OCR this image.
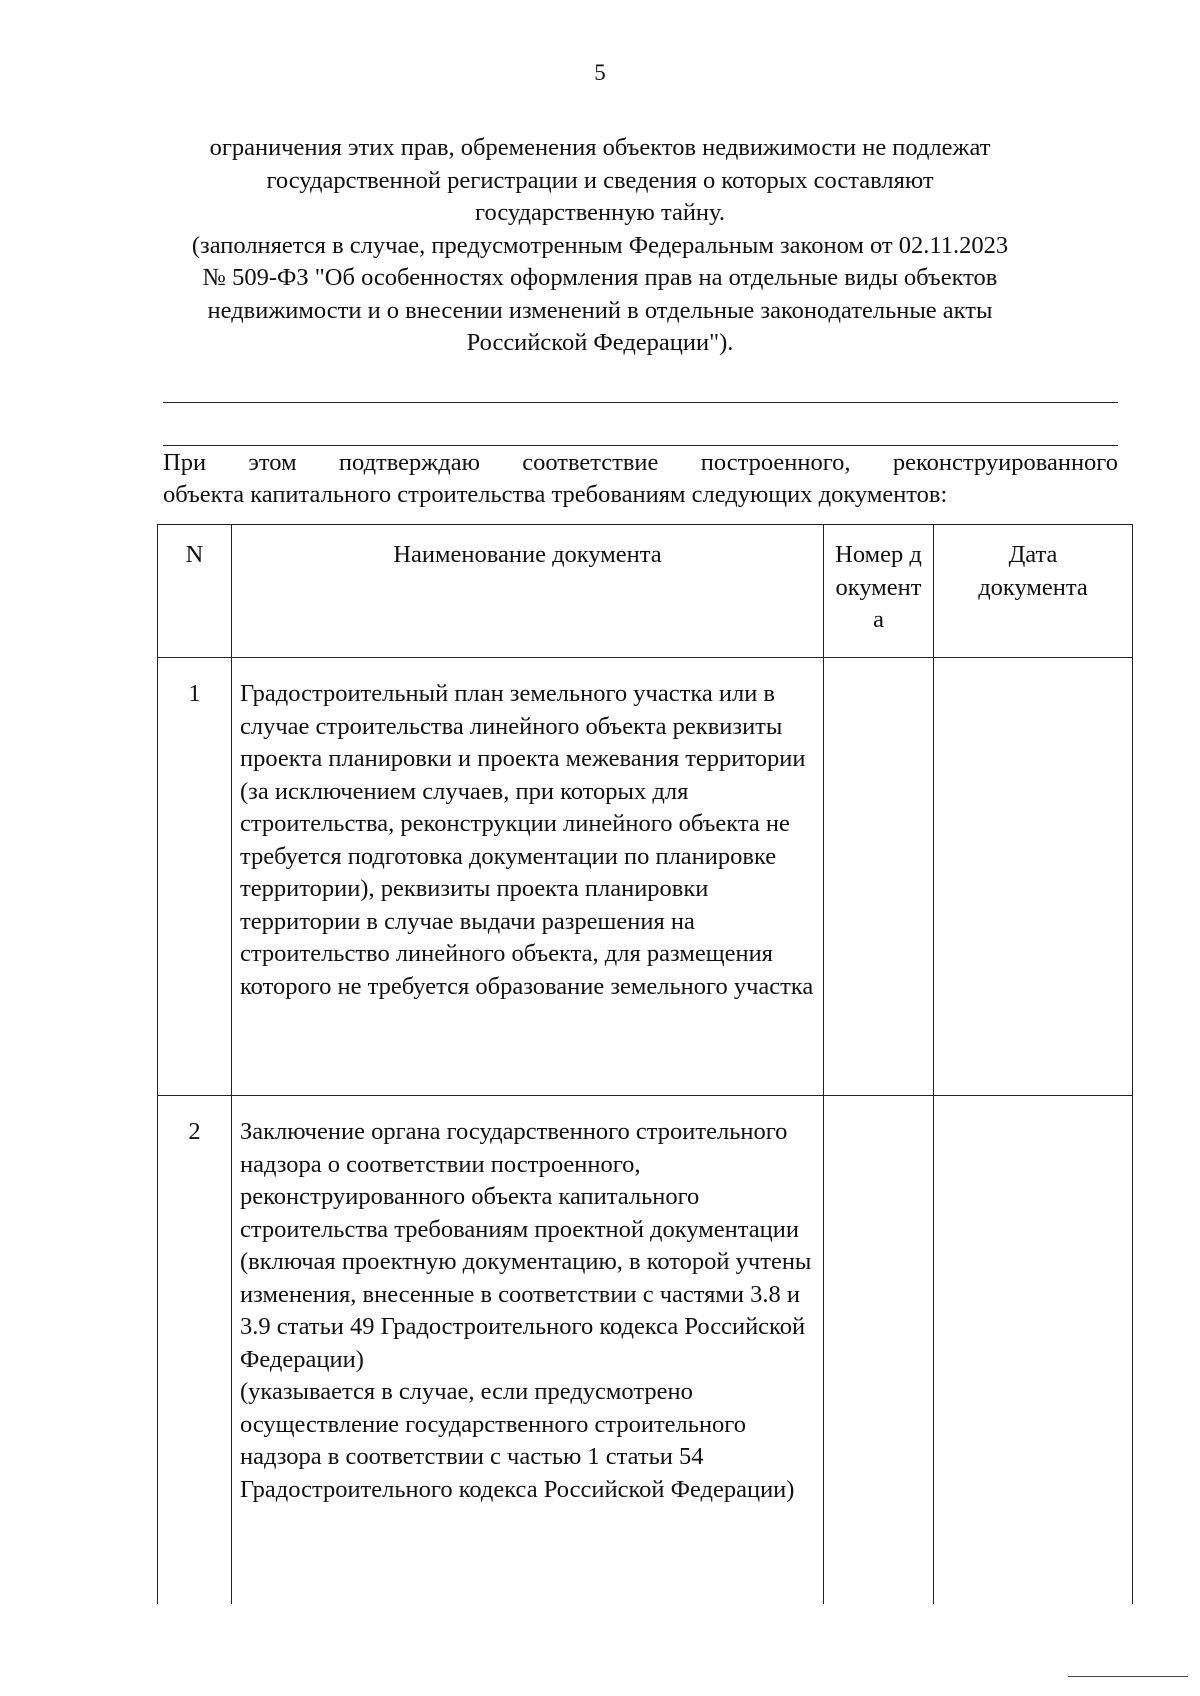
5

ограничения этих прав, обременения объектов недвижимости не подлежат

государственной регистрации и сведения о которых составляют

государственную тайну.

(заполняется в случае, предусмотренным Федеральным законом от 02.11.2023

№ 509-ФЗ "Об особенностях оформления прав на отдельные виды объектов

недвижимости и о внесении изменений в отдельные законодательные акты

Российской Федерации").

При этом подтверждаю соответствие построенного, реконструированного
объекта капитального строительства требованиям следующих документов:
N	Наименование документа	Номер документа	Дата документа

1	Градостроительный план земельного участка или в случае строительства линейного объекта реквизиты проекта планировки и проекта межевания территории (за исключением случаев, при которых для строительства, реконструкции линейного объекта не требуется подготовка документации по планировке территории), реквизиты проекта планировки территории в случае выдачи разрешения на строительство линейного объекта, для размещения которого не требуется образование земельного участка		
2	Заключение органа государственного строительного надзора о соответствии построенного, реконструированного объекта капитального строительства требованиям проектной документации (включая проектную документацию, в которой учтены изменения, внесенные в соответствии с частями 3.8 и 3.9 статьи 49 Градостроительного кодекса Российской Федерации)
(указывается в случае, если предусмотрено осуществление государственного строительного надзора в соответствии с частью 1 статьи 54 Градостроительного кодекса Российской Федерации)		
